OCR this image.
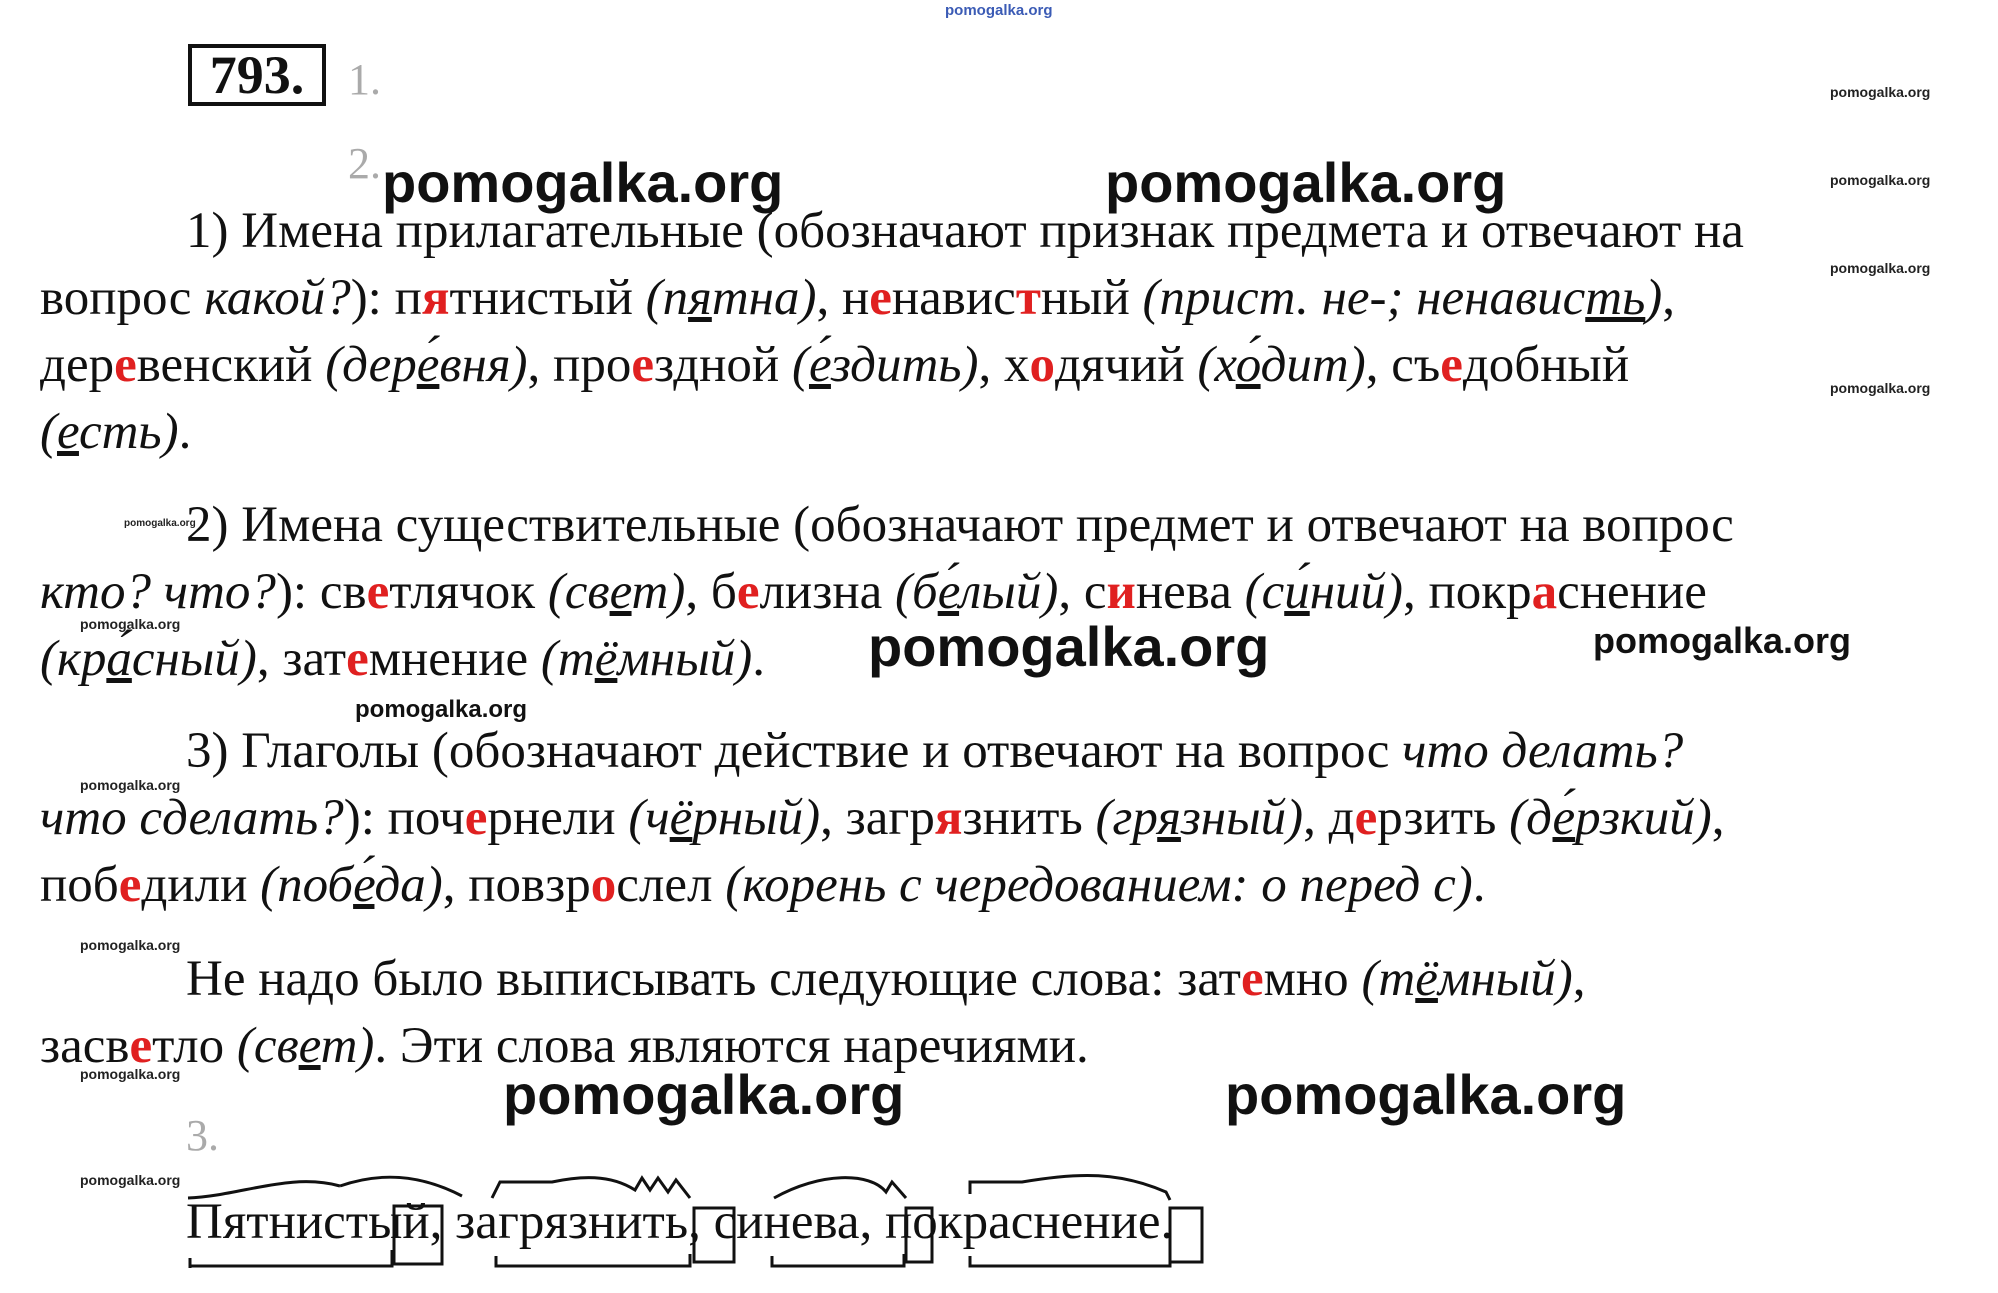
pomogalka.org
pomogalka.org
pomogalka.org
pomogalka.org
pomogalka.org
pomogalka.org
pomogalka.org
pomogalka.org
pomogalka.org
pomogalka.org
pomogalka.org
pomogalka.org
pomogalka.org
pomogalka.org	pomogalka.org
pomogalka.org
pomogalka.org	pomogalka.org
793. 1.
2.
3.
1) Имена прилагательные (обозначают признак предмета и отвечают на
вопрос какой?): пятнистый (пятна), ненавистный (прист. не-; ненависть),
деревенский (дере́вня), проездной (е́здить), ходячий (хо́дит), съедобный
(есть).
2) Имена существительные (обозначают предмет и отвечают на вопрос
кто? что?): светлячок (свет), белизна (бе́лый), синева (си́ний), покраснение
(кра́сный), затемнение (тёмный).
3) Глаголы (обозначают действие и отвечают на вопрос что делать?
что сделать?): почернели (чёрный), загрязнить (грязный), дерзить (де́рзкий),
победили (побе́да), повзрослел (корень с чередованием: о перед с).
Не надо было выписывать следующие слова: затемно (тёмный),
засветло (свет). Эти слова являются наречиями.
Пятнистый, загрязнить, синева, покраснение.
